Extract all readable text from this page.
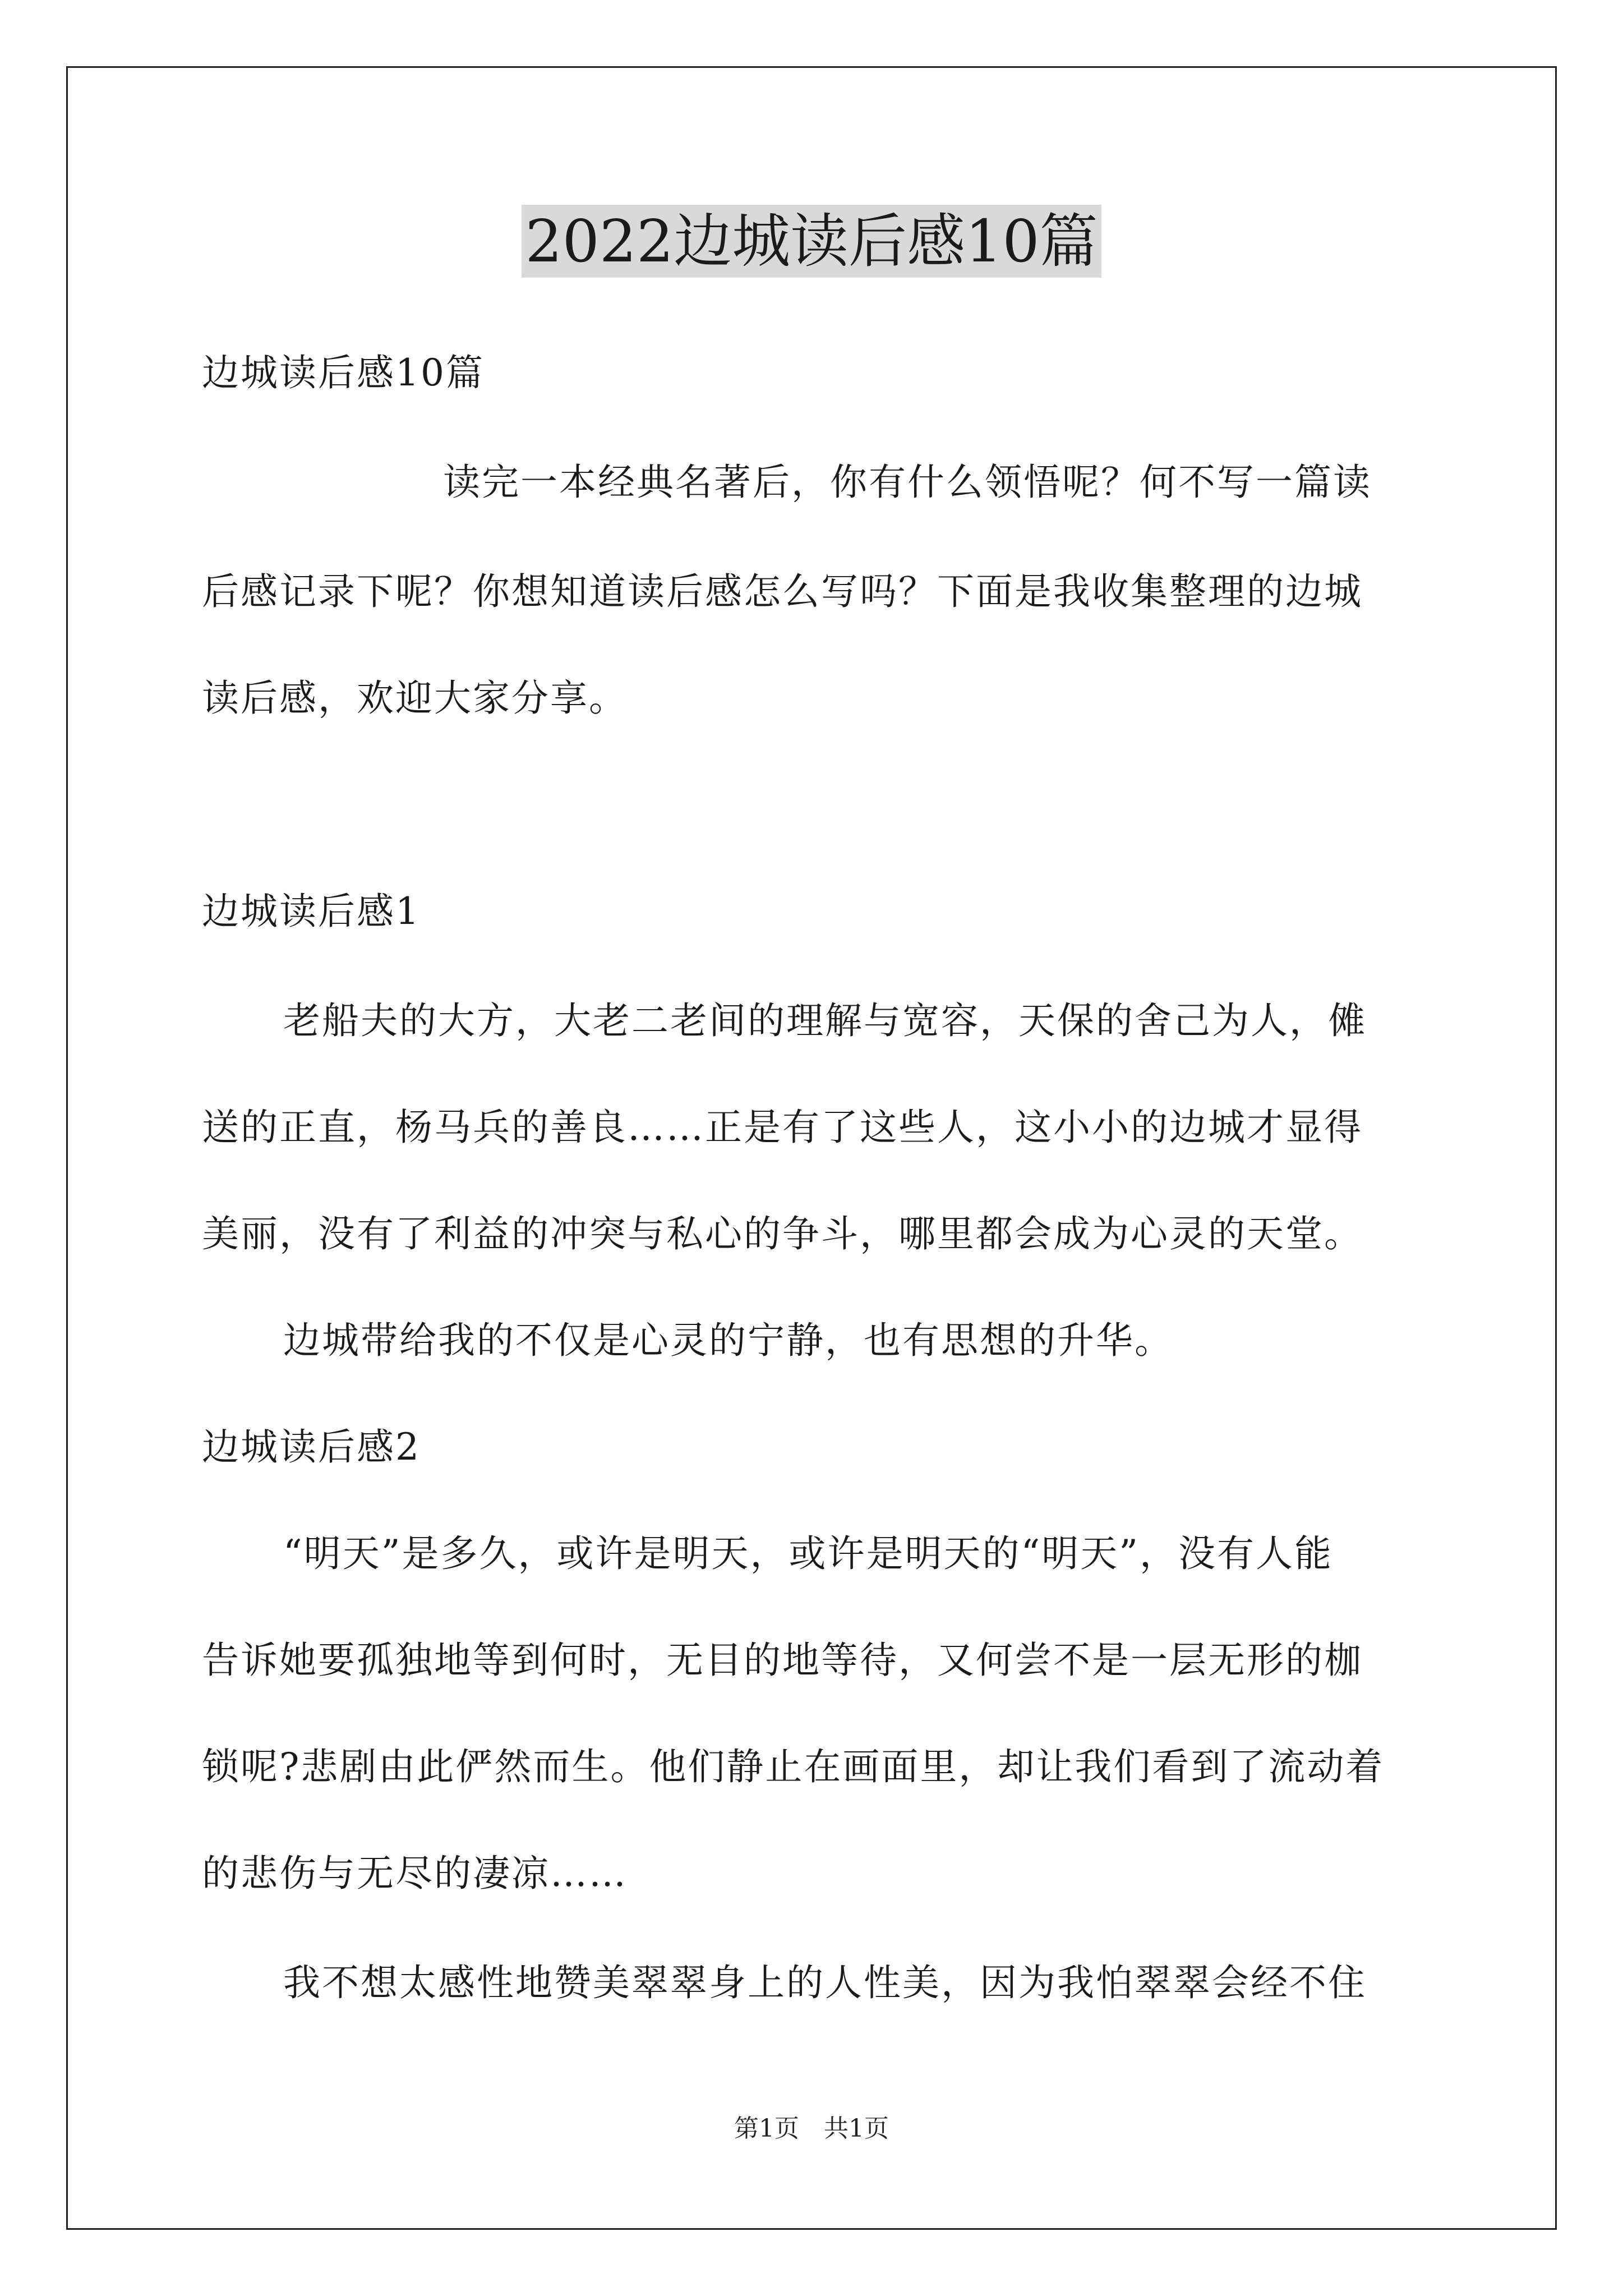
2022边城读后感10篇
边城读后感10篇
读完一本经典名著后，你有什么领悟呢？何不写一篇读
后感记录下呢？你想知道读后感怎么写吗？下面是我收集整理的边城
读后感，欢迎大家分享。
边城读后感1
老船夫的大方，大老二老间的理解与宽容，天保的舍己为人，傩
送的正直，杨马兵的善良……正是有了这些人，这小小的边城才显得
美丽，没有了利益的冲突与私心的争斗，哪里都会成为心灵的天堂。
边城带给我的不仅是心灵的宁静，也有思想的升华。
边城读后感2
“明天”是多久，或许是明天，或许是明天的“明天”，没有人能
告诉她要孤独地等到何时，无目的地等待，又何尝不是一层无形的枷
锁呢?悲剧由此俨然而生。他们静止在画面里，却让我们看到了流动着
的悲伤与无尽的凄凉……
我不想太感性地赞美翠翠身上的人性美，因为我怕翠翠会经不住
第1页　共1页
